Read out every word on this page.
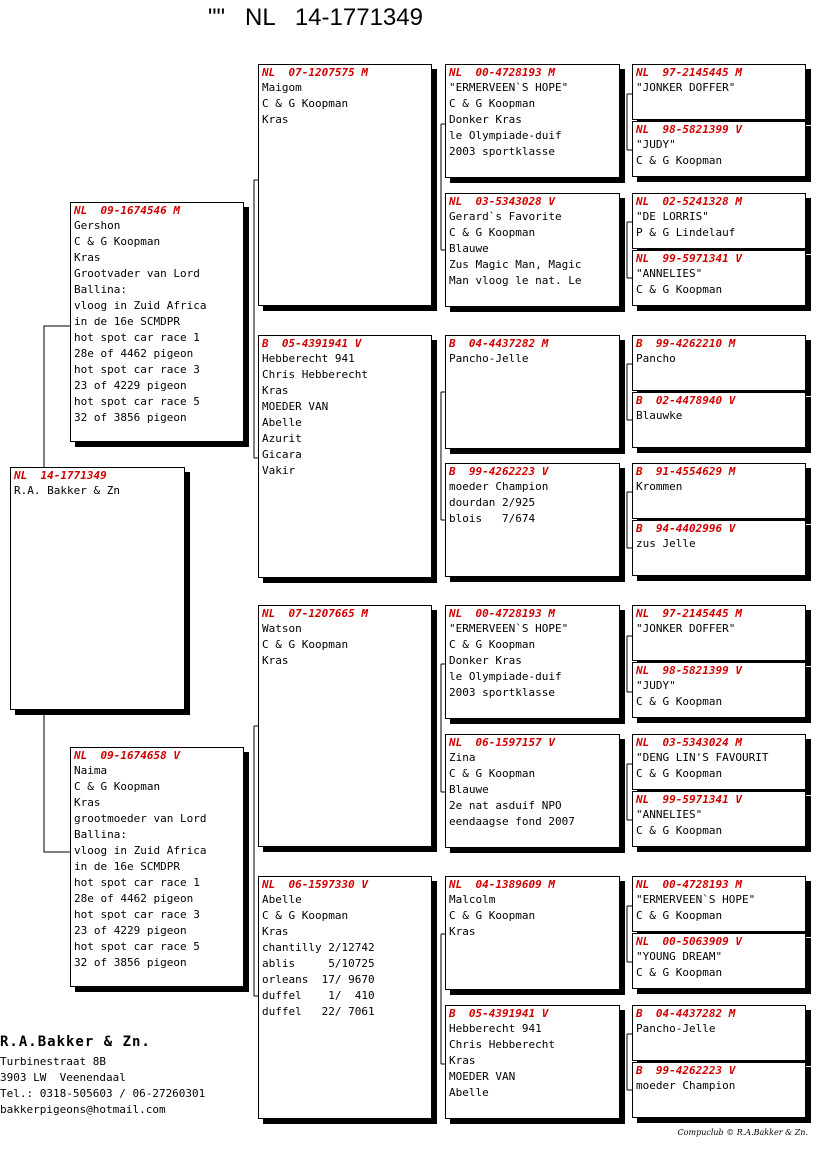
""   NL   14-1771349
NL  14-1771349
R.A. Bakker & Zn
NL  09-1674546 M
Gershon
C & G Koopman
Kras
Grootvader van Lord
Ballina:
vloog in Zuid Africa
in de 16e SCMDPR
hot spot car race 1
28e of 4462 pigeon
hot spot car race 3
23 of 4229 pigeon
hot spot car race 5
32 of 3856 pigeon
NL  09-1674658 V
Naima
C & G Koopman
Kras
grootmoeder van Lord
Ballina:
vloog in Zuid Africa
in de 16e SCMDPR
hot spot car race 1
28e of 4462 pigeon
hot spot car race 3
23 of 4229 pigeon
hot spot car race 5
32 of 3856 pigeon
NL  07-1207575 M
Maigom
C & G Koopman
Kras
B  05-4391941 V
Hebberecht 941
Chris Hebberecht
Kras
MOEDER VAN
Abelle
Azurit
Gicara
Vakir
NL  07-1207665 M
Watson
C & G Koopman
Kras
NL  06-1597330 V
Abelle
C & G Koopman
Kras
chantilly 2/12742
ablis     5/10725
orleans  17/ 9670
duffel    1/  410
duffel   22/ 7061
NL  00-4728193 M
"ERMERVEEN`S HOPE"
C & G Koopman
Donker Kras
le Olympiade-duif
2003 sportklasse
NL  03-5343028 V
Gerard`s Favorite
C & G Koopman
Blauwe
Zus Magic Man, Magic
Man vloog le nat. Le
B  04-4437282 M
Pancho-Jelle
B  99-4262223 V
moeder Champion
dourdan 2/925
blois   7/674
NL  00-4728193 M
"ERMERVEEN`S HOPE"
C & G Koopman
Donker Kras
le Olympiade-duif
2003 sportklasse
NL  06-1597157 V
Zina
C & G Koopman
Blauwe
2e nat asduif NPO
eendaagse fond 2007
NL  04-1389609 M
Malcolm
C & G Koopman
Kras
B  05-4391941 V
Hebberecht 941
Chris Hebberecht
Kras
MOEDER VAN
Abelle
NL  97-2145445 M
"JONKER DOFFER"
NL  98-5821399 V
"JUDY"
C & G Koopman
NL  02-5241328 M
"DE LORRIS"
P & G Lindelauf
NL  99-5971341 V
"ANNELIES"
C & G Koopman
B  99-4262210 M
Pancho
B  02-4478940 V
Blauwke
B  91-4554629 M
Krommen
B  94-4402996 V
zus Jelle
NL  97-2145445 M
"JONKER DOFFER"
NL  98-5821399 V
"JUDY"
C & G Koopman
NL  03-5343024 M
"DENG LIN'S FAVOURIT
C & G Koopman
NL  99-5971341 V
"ANNELIES"
C & G Koopman
NL  00-4728193 M
"ERMERVEEN`S HOPE"
C & G Koopman
NL  00-5063909 V
"YOUNG DREAM"
C & G Koopman
B  04-4437282 M
Pancho-Jelle
B  99-4262223 V
moeder Champion
R.A.Bakker & Zn.
Turbinestraat 8B
3903 LW  Veenendaal
Tel.: 0318-505603 / 06-27260301
bakkerpigeons@hotmail.com
Compuclub © R.A.Bakker & Zn.
